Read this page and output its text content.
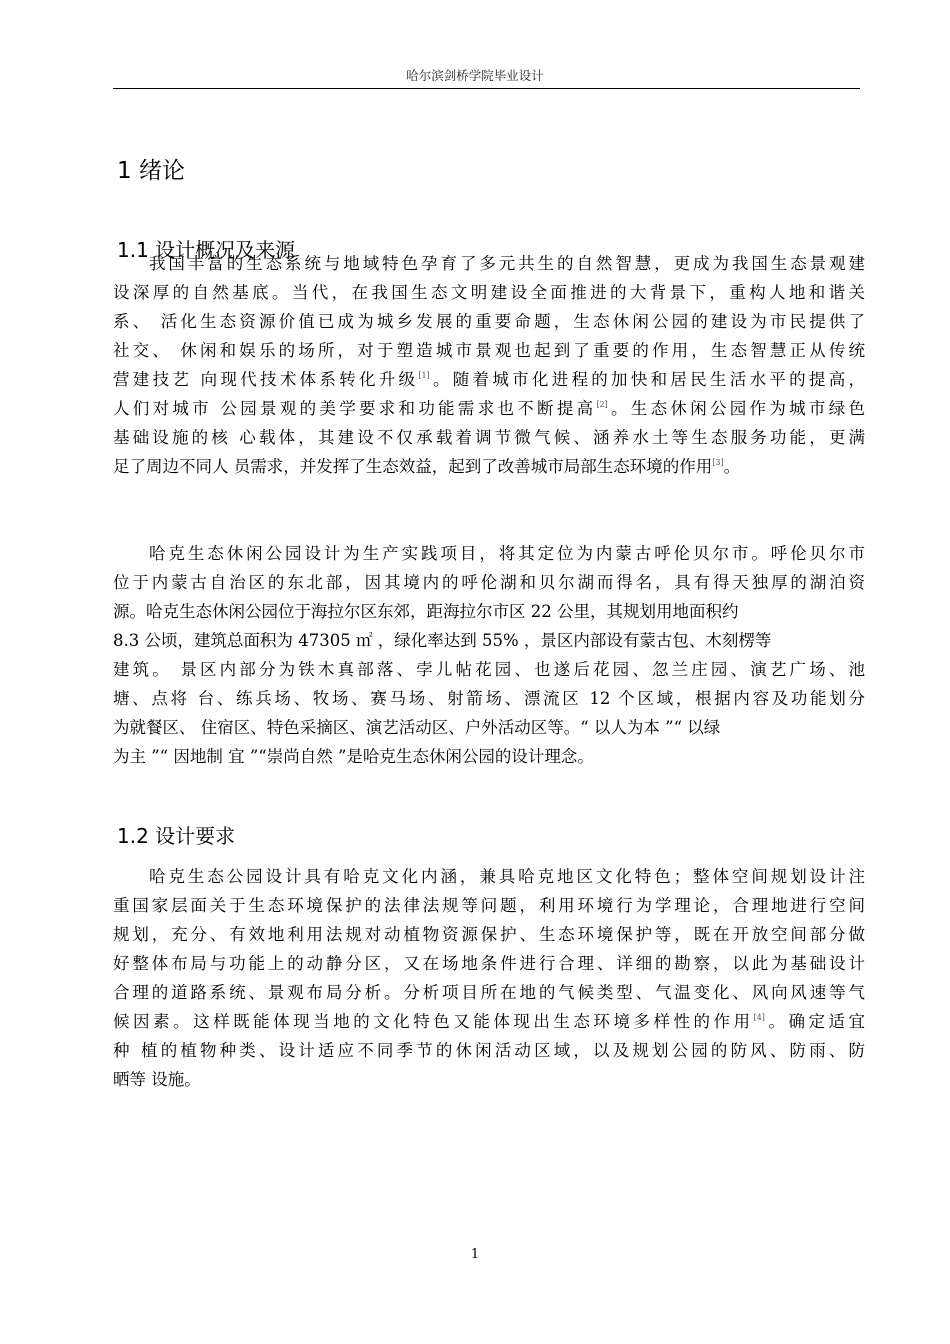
哈尔滨剑桥学院毕业设计
1 绪论
1.1 设计概况及来源
我国丰富的生态系统与地域特色孕育了多元共生的自然智慧，更成为我国生态景观建
设深厚的自然基底。当代，在我国生态文明建设全面推进的大背景下，重构人地和谐关
系、 活化生态资源价值已成为城乡发展的重要命题，生态休闲公园的建设为市民提供了
社交、 休闲和娱乐的场所，对于塑造城市景观也起到了重要的作用，生态智慧正从传统
营建技艺 向现代技术体系转化升级[1]。随着城市化进程的加快和居民生活水平的提高，
人们对城市 公园景观的美学要求和功能需求也不断提高[2]。生态休闲公园作为城市绿色
基础设施的核 心载体，其建设不仅承载着调节微气候、涵养水土等生态服务功能，更满
足了周边不同人 员需求，并发挥了生态效益，起到了改善城市局部生态环境的作用[3]。
哈克生态休闲公园设计为生产实践项目，将其定位为内蒙古呼伦贝尔市。呼伦贝尔市
位于内蒙古自治区的东北部，因其境内的呼伦湖和贝尔湖而得名，具有得天独厚的湖泊资
源。哈克生态休闲公园位于海拉尔区东郊，距海拉尔市区 22 公里，其规划用地面积约
8.3 公顷，建筑总面积为 47305 ㎡ ，绿化率达到 55% ，景区内部设有蒙古包、木刻楞等
建筑。 景区内部分为铁木真部落、孛儿帖花园、也遂后花园、忽兰庄园、演艺广场、池
塘、点将 台、练兵场、牧场、赛马场、射箭场、漂流区 12 个区域，根据内容及功能划分
为就餐区、 住宿区、特色采摘区、演艺活动区、户外活动区等。“ 以人为本 ”“ 以绿
为主 ”“ 因地制 宜 ”“崇尚自然 ”是哈克生态休闲公园的设计理念。
1.2 设计要求
哈克生态公园设计具有哈克文化内涵，兼具哈克地区文化特色；整体空间规划设计注
重国家层面关于生态环境保护的法律法规等问题，利用环境行为学理论，合理地进行空间
规划，充分、有效地利用法规对动植物资源保护、生态环境保护等，既在开放空间部分做
好整体布局与功能上的动静分区，又在场地条件进行合理、详细的勘察，以此为基础设计
合理的道路系统、景观布局分析。分析项目所在地的气候类型、气温变化、风向风速等气
候因素。这样既能体现当地的文化特色又能体现出生态环境多样性的作用[4]。确定适宜
种 植的植物种类、设计适应不同季节的休闲活动区域，以及规划公园的防风、防雨、防
晒等 设施。
1
